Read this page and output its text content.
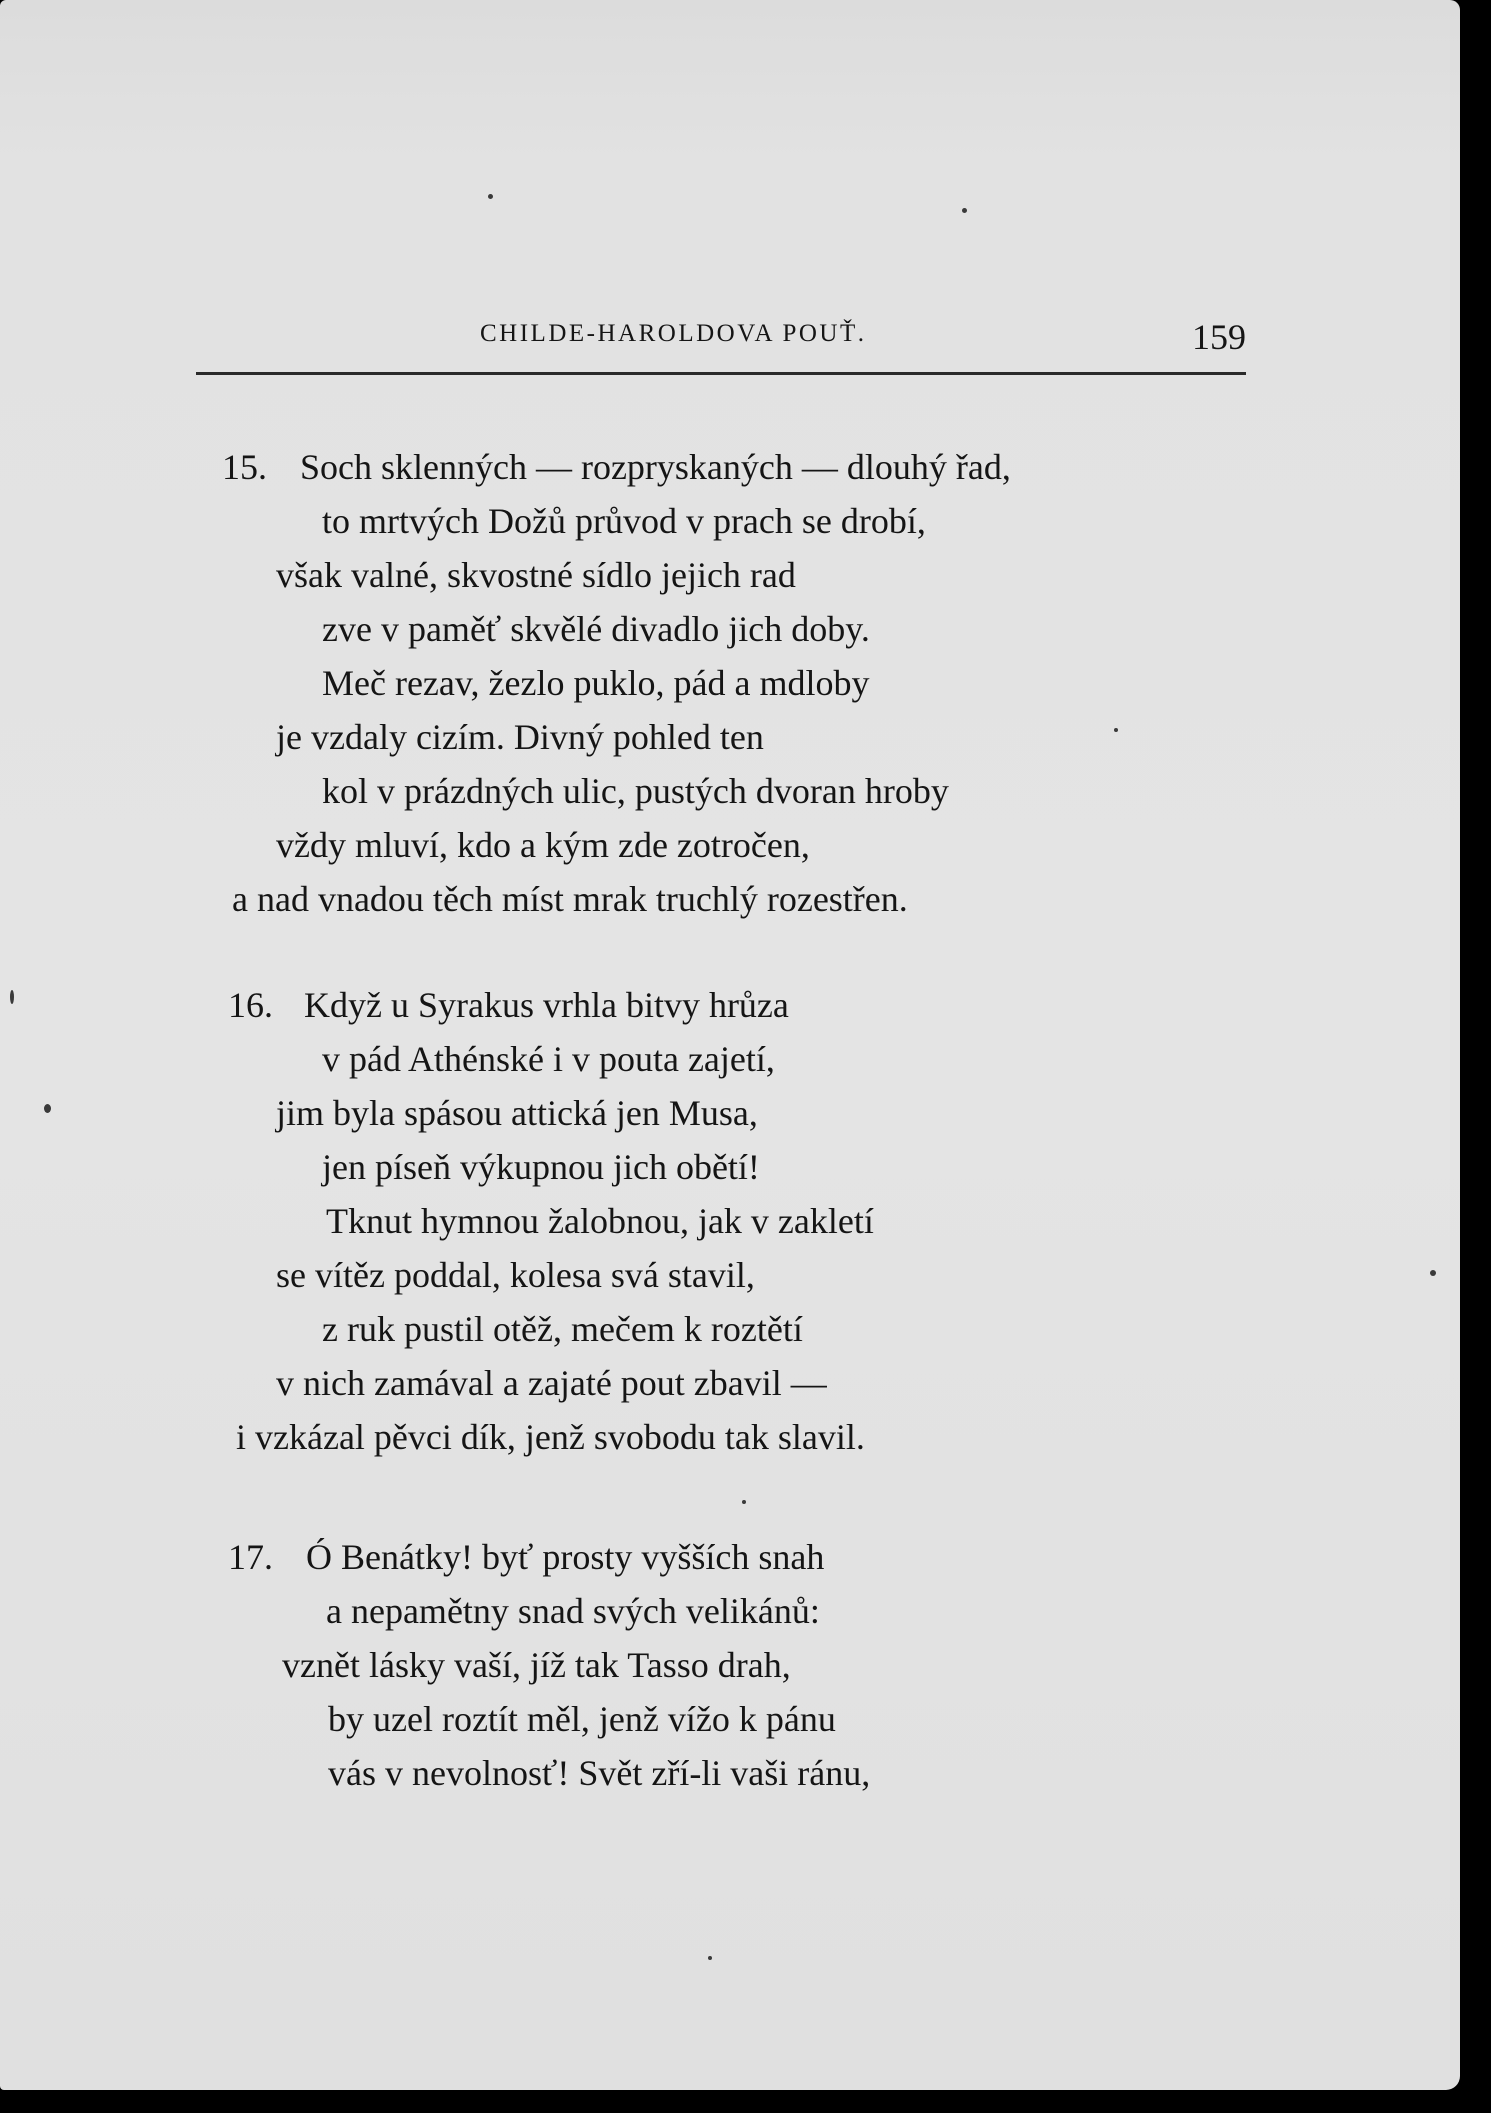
CHILDE-HAROLDOVA POUŤ.	159
15. Soch sklenných — rozpryskaných — dlouhý řad,
to mrtvých Dožů průvod v prach se drobí,
však valné, skvostné sídlo jejich rad
zve v paměť skvělé divadlo jich doby.
Meč rezav, žezlo puklo, pád a mdloby
je vzdaly cizím. Divný pohled ten
kol v prázdných ulic, pustých dvoran hroby
vždy mluví, kdo a kým zde zotročen,
a nad vnadou těch míst mrak truchlý rozestřen.
16. Když u Syrakus vrhla bitvy hrůza
v pád Athénské i v pouta zajetí,
jim byla spásou attická jen Musa,
jen píseň výkupnou jich obětí!
Tknut hymnou žalobnou, jak v zakletí
se vítěz poddal, kolesa svá stavil,
z ruk pustil otěž, mečem k roztětí
v nich zamával a zajaté pout zbavil —
i vzkázal pěvci dík, jenž svobodu tak slavil.
17. Ó Benátky! byť prosty vyšších snah
a nepamětny snad svých velikánů:
vznět lásky vaší, jíž tak Tasso drah,
by uzel roztít měl, jenž vížo k pánu
vás v nevolnosť! Svět zří-li vaši ránu,
